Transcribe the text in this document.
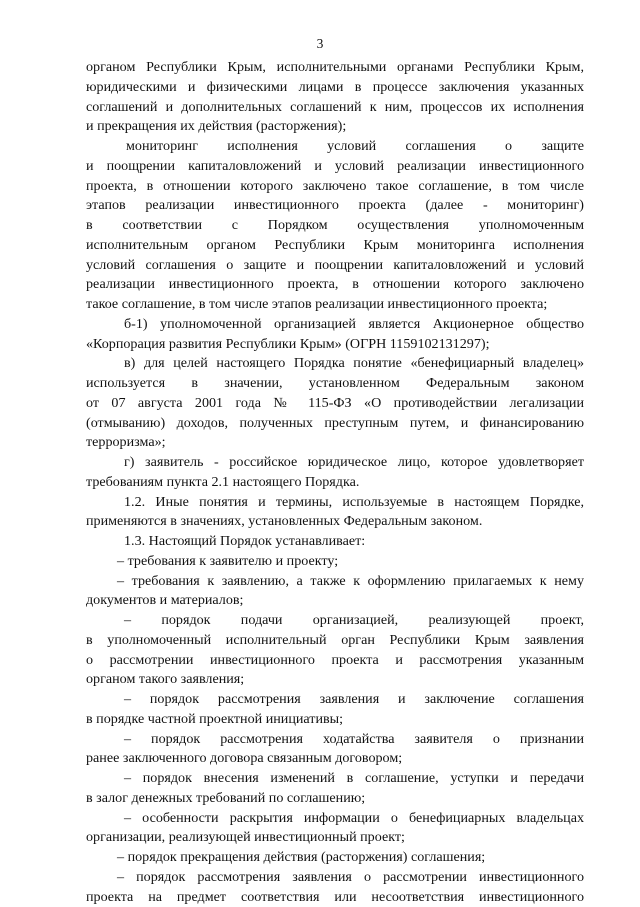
3

органом Республики Крым, исполнительными органами Республики Крым,
юридическими и физическими лицами в процессе заключения указанных
соглашений и дополнительных соглашений к ним, процессов их исполнения
и прекращения их действия (расторжения);

мониторинг исполнения условий соглашения о защите
и поощрении капиталовложений и условий реализации инвестиционного
проекта, в отношении которого заключено такое соглашение, в том числе
этапов реализации инвестиционного проекта (далее - мониторинг)
в соответствии с Порядком осуществления уполномоченным
исполнительным органом Республики Крым мониторинга исполнения
условий соглашения о защите и поощрении капиталовложений и условий
реализации инвестиционного проекта, в отношении которого заключено
такое соглашение, в том числе этапов реализации инвестиционного проекта;

б-1) уполномоченной организацией является Акционерное общество
«Корпорация развития Республики Крым» (ОГРН 1159102131297);

в) для целей настоящего Порядка понятие «бенефициарный владелец»
используется в значении, установленном Федеральным законом
от 07 августа 2001 года № 115-ФЗ «О противодействии легализации
(отмыванию) доходов, полученных преступным путем, и финансированию
терроризма»;

г) заявитель - российское юридическое лицо, которое удовлетворяет
требованиям пункта 2.1 настоящего Порядка.

1.2. Иные понятия и термины, используемые в настоящем Порядке,
применяются в значениях, установленных Федеральным законом.

1.3. Настоящий Порядок устанавливает:

– требования к заявителю и проекту;

– требования к заявлению, а также к оформлению прилагаемых к нему
документов и материалов;

– порядок подачи организацией, реализующей проект,
в уполномоченный исполнительный орган Республики Крым заявления
о рассмотрении инвестиционного проекта и рассмотрения указанным
органом такого заявления;

– порядок рассмотрения заявления и заключение соглашения
в порядке частной проектной инициативы;

– порядок рассмотрения ходатайства заявителя о признании
ранее заключенного договора связанным договором;

– порядок внесения изменений в соглашение, уступки и передачи
в залог денежных требований по соглашению;

– особенности раскрытия информации о бенефициарных владельцах
организации, реализующей инвестиционный проект;

– порядок прекращения действия (расторжения) соглашения;

– порядок рассмотрения заявления о рассмотрении инвестиционного
проекта на предмет соответствия или несоответствия инвестиционного
